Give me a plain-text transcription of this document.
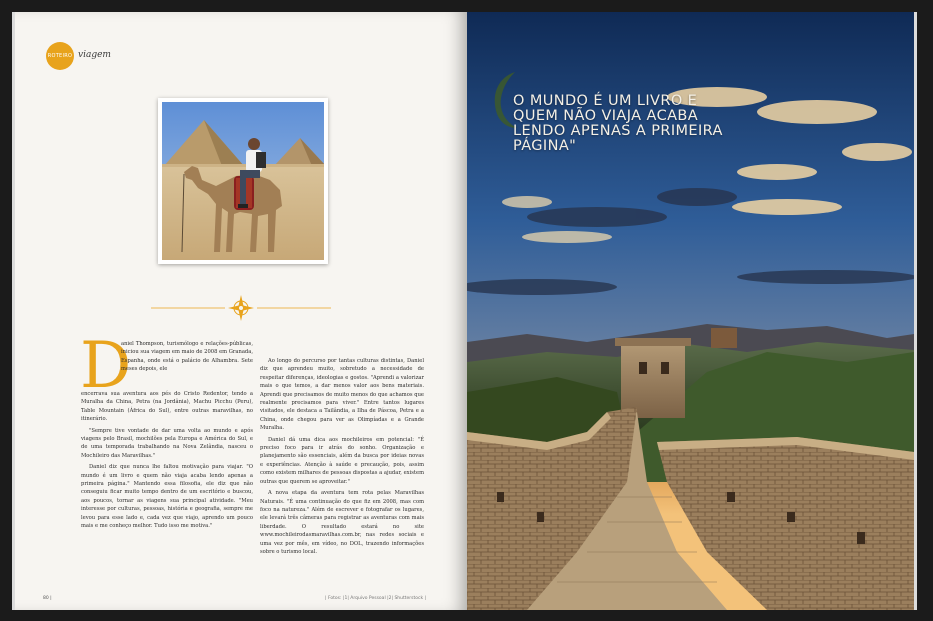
ROTEIRO viagem
D

aniel Thompson, turismólogo e relações-públicas, iniciou sua viagem em maio de 2008 em Granada, Espanha, onde está o palácio de Alhambra. Sete meses depois, ele

encerrava sua aventura aos pés do Cristo Redentor, tendo a Muralha da China, Petra (na Jordânia), Machu Picchu (Peru), Table Mountain (África do Sul), entre outras maravilhas, no itinerário.

"Sempre tive vontade de dar uma volta ao mundo e após viagens pelo Brasil, mochilões pela Europa e América do Sul, e de uma temporada trabalhando na Nova Zelândia, nasceu o Mochileiro das Maravilhas."

Daniel diz que nunca lhe faltou motivação para viajar. "O mundo é um livro e quem não viaja acaba lendo apenas a primeira página." Mantendo essa filosofia, ele diz que não conseguiu ficar muito tempo dentro de um escritório e buscou, aos poucos, tornar as viagens sua principal atividade. "Meu interesse por culturas, pessoas, história e geografia, sempre me levou para esse lado e, cada vez que viajo, aprendo um pouco mais e me conheço melhor. Tudo isso me motiva."

Ao longo do percurso por tantas culturas distintas, Daniel diz que aprendeu muito, sobretudo a necessidade de respeitar diferenças, ideologias e gostos. "Aprendi a valorizar mais o que temos, a dar menos valor aos bens materiais. Aprendi que precisamos de muito menos do que achamos que realmente precisamos para viver." Entre tantos lugares visitados, ele destaca a Tailândia, a Ilha de Páscoa, Petra e a China, onde chegou para ver as Olimpíadas e a Grande Muralha.

Daniel dá uma dica aos mochileiros em potencial: "É preciso foco para ir atrás do sonho. Organização e planejamento são essenciais, além da busca por ideias novas e experiências. Atenção à saúde e precaução, pois, assim como existem milhares de pessoas dispostas a ajudar, existem outras que querem se aproveitar."

A nova etapa da aventura tem rota pelas Maravilhas Naturais. "É uma continuação do que fiz em 2008, mas com foco na natureza." Além de escrever e fotografar os lugares, ele levará três câmeras para registrar as aventuras com mais liberdade. O resultado estará no site www.mochileirodasmaravilhas.com.br, nas redes sociais e uma vez por mês, em vídeo, no DOL, trazendo informações sobre o turismo local.

80 |	| Fotos: |1| Arquivo Pessoal |2| Shutterstock |
O MUNDO É UM LIVRO E QUEM NÃO VIAJA ACABA LENDO APENAS A PRIMEIRA PÁGINA"
